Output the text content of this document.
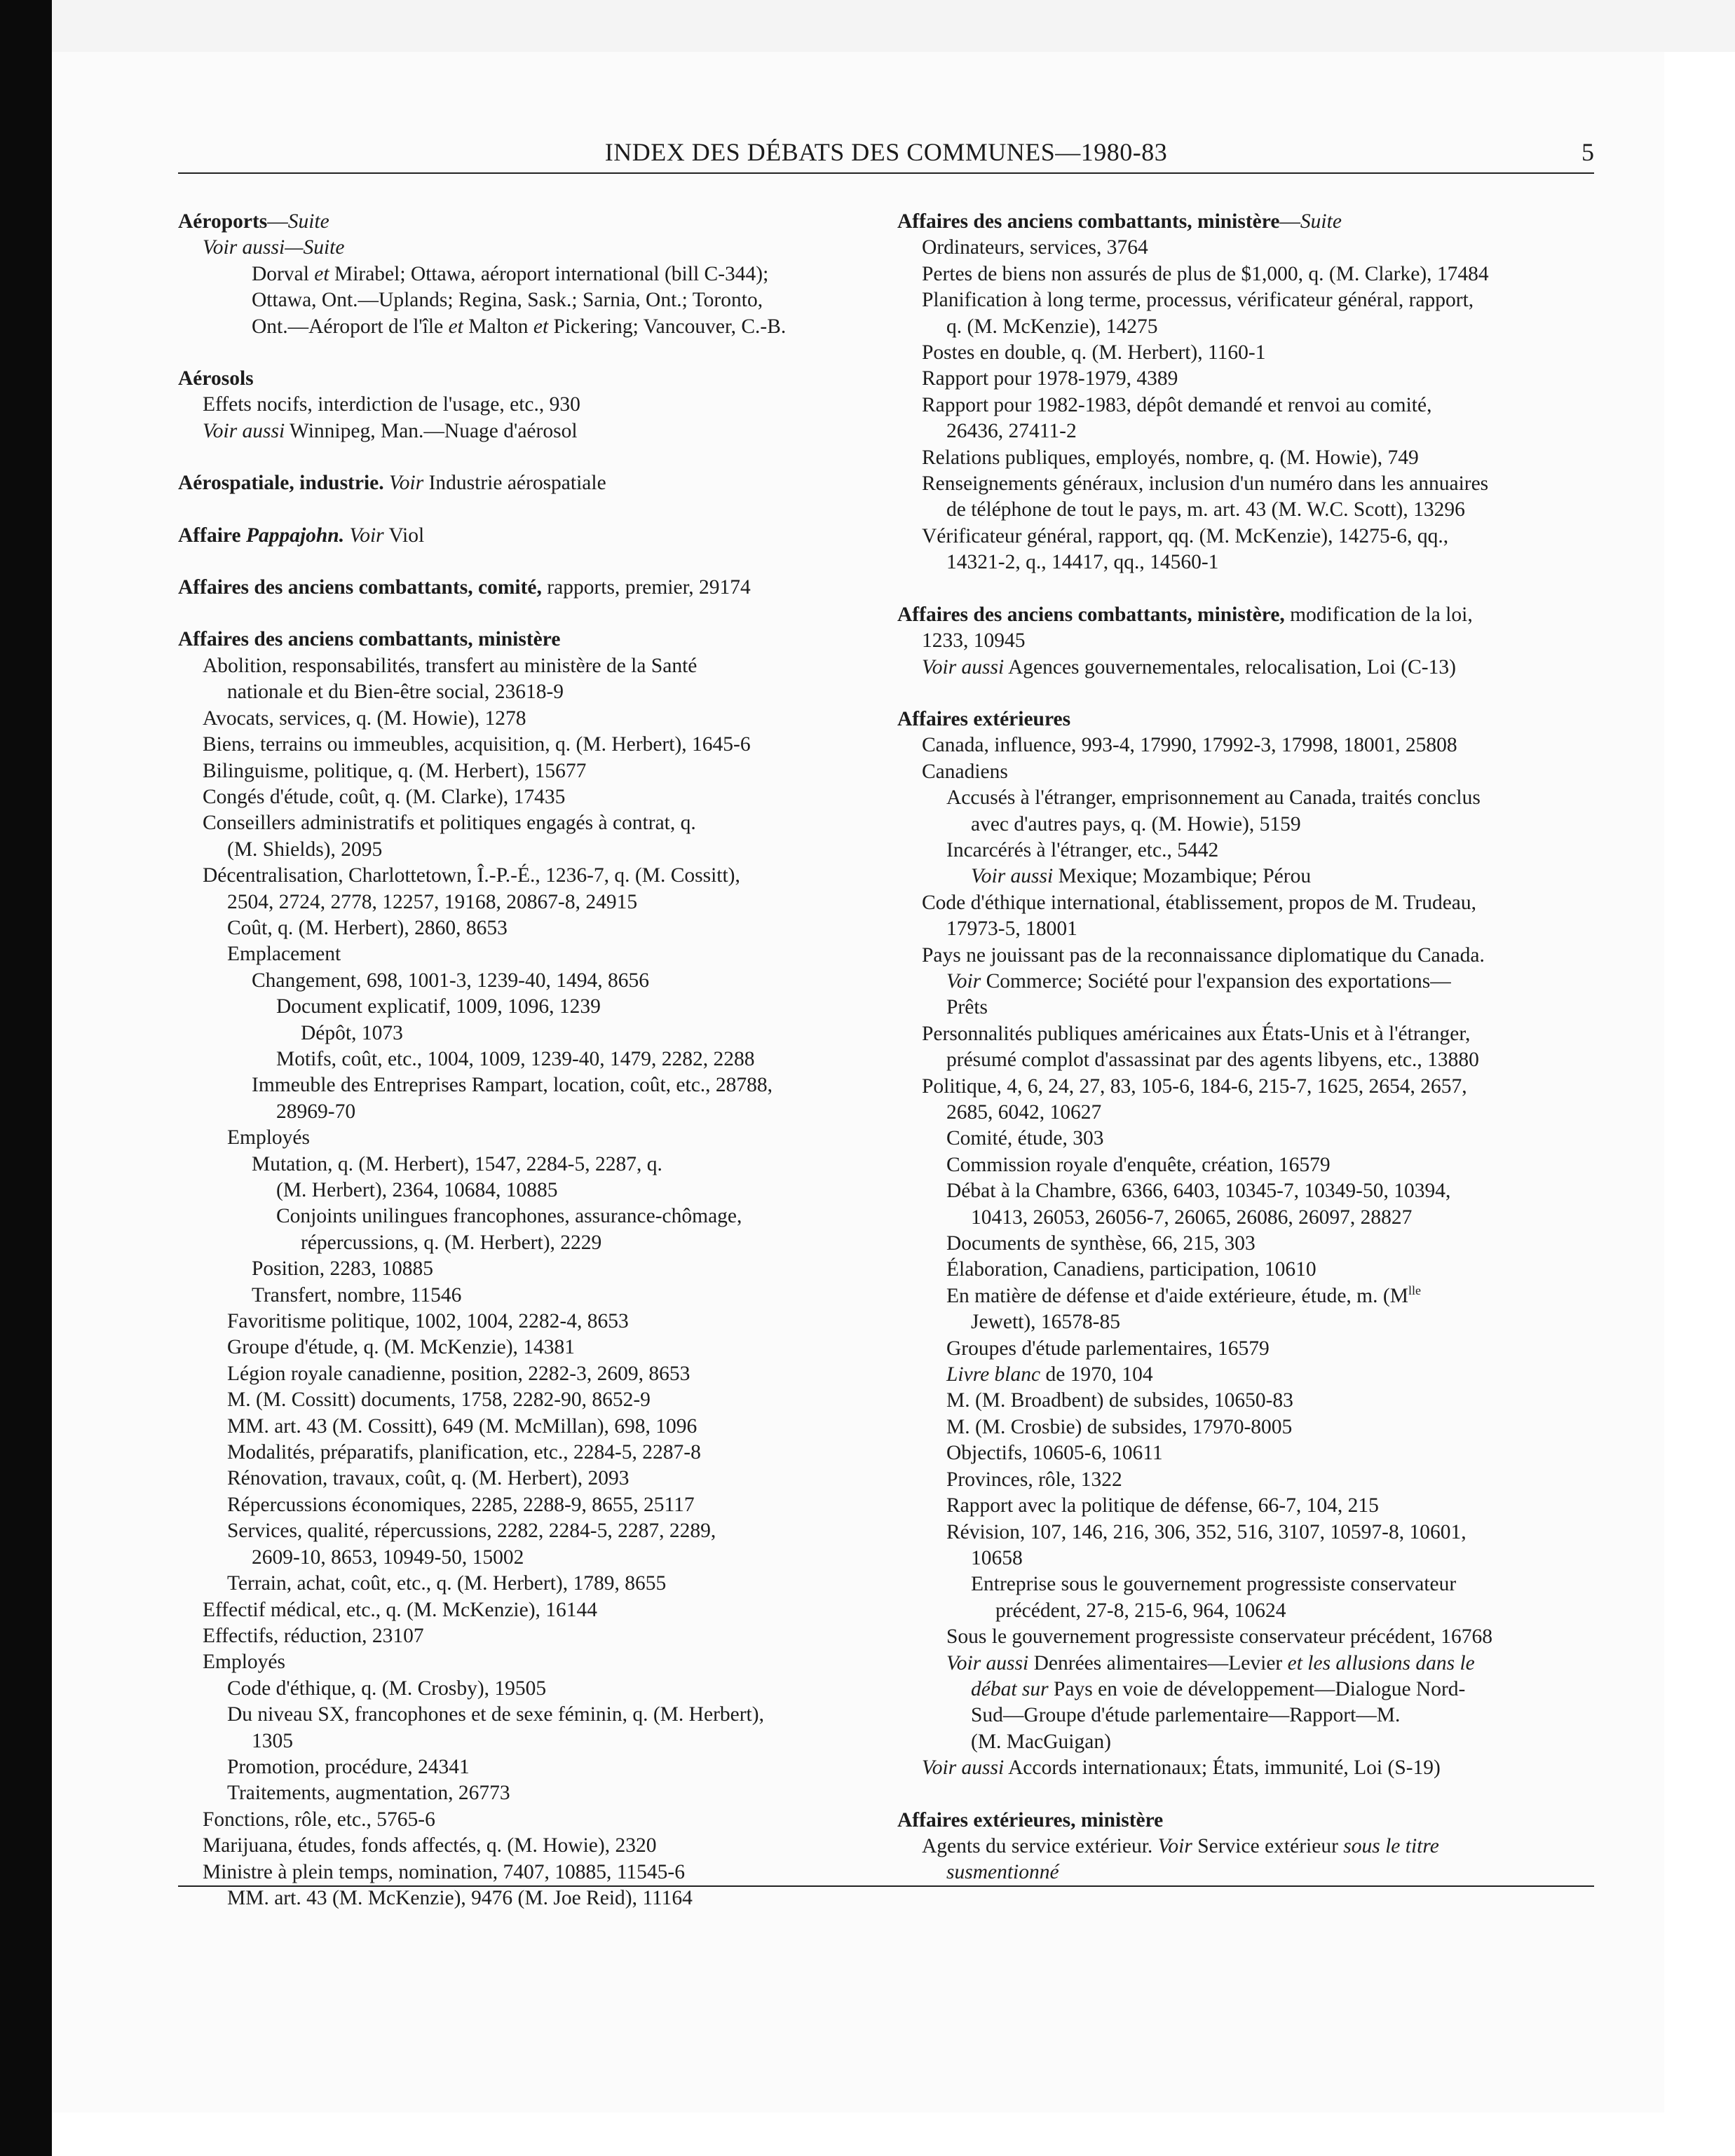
INDEX DES DÉBATS DES COMMUNES—1980-83	5
Aéroports—Suite
Voir aussi—Suite
Dorval et Mirabel; Ottawa, aéroport international (bill C-344);
Ottawa, Ont.—Uplands; Regina, Sask.; Sarnia, Ont.; Toronto,
Ont.—Aéroport de l'île et Malton et Pickering; Vancouver, C.-B.
Aérosols
Effets nocifs, interdiction de l'usage, etc., 930
Voir aussi Winnipeg, Man.—Nuage d'aérosol
Aérospatiale, industrie. Voir Industrie aérospatiale
Affaire Pappajohn. Voir Viol
Affaires des anciens combattants, comité, rapports, premier, 29174
Affaires des anciens combattants, ministère
Abolition, responsabilités, transfert au ministère de la Santé
nationale et du Bien-être social, 23618-9
Avocats, services, q. (M. Howie), 1278
Biens, terrains ou immeubles, acquisition, q. (M. Herbert), 1645-6
Bilinguisme, politique, q. (M. Herbert), 15677
Congés d'étude, coût, q. (M. Clarke), 17435
Conseillers administratifs et politiques engagés à contrat, q.
(M. Shields), 2095
Décentralisation, Charlottetown, Î.-P.-É., 1236-7, q. (M. Cossitt),
2504, 2724, 2778, 12257, 19168, 20867-8, 24915
Coût, q. (M. Herbert), 2860, 8653
Emplacement
Changement, 698, 1001-3, 1239-40, 1494, 8656
Document explicatif, 1009, 1096, 1239
Dépôt, 1073
Motifs, coût, etc., 1004, 1009, 1239-40, 1479, 2282, 2288
Immeuble des Entreprises Rampart, location, coût, etc., 28788,
28969-70
Employés
Mutation, q. (M. Herbert), 1547, 2284-5, 2287, q.
(M. Herbert), 2364, 10684, 10885
Conjoints unilingues francophones, assurance-chômage,
répercussions, q. (M. Herbert), 2229
Position, 2283, 10885
Transfert, nombre, 11546
Favoritisme politique, 1002, 1004, 2282-4, 8653
Groupe d'étude, q. (M. McKenzie), 14381
Légion royale canadienne, position, 2282-3, 2609, 8653
M. (M. Cossitt) documents, 1758, 2282-90, 8652-9
MM. art. 43 (M. Cossitt), 649 (M. McMillan), 698, 1096
Modalités, préparatifs, planification, etc., 2284-5, 2287-8
Rénovation, travaux, coût, q. (M. Herbert), 2093
Répercussions économiques, 2285, 2288-9, 8655, 25117
Services, qualité, répercussions, 2282, 2284-5, 2287, 2289,
2609-10, 8653, 10949-50, 15002
Terrain, achat, coût, etc., q. (M. Herbert), 1789, 8655
Effectif médical, etc., q. (M. McKenzie), 16144
Effectifs, réduction, 23107
Employés
Code d'éthique, q. (M. Crosby), 19505
Du niveau SX, francophones et de sexe féminin, q. (M. Herbert),
1305
Promotion, procédure, 24341
Traitements, augmentation, 26773
Fonctions, rôle, etc., 5765-6
Marijuana, études, fonds affectés, q. (M. Howie), 2320
Ministre à plein temps, nomination, 7407, 10885, 11545-6
MM. art. 43 (M. McKenzie), 9476 (M. Joe Reid), 11164
Affaires des anciens combattants, ministère—Suite
Ordinateurs, services, 3764
Pertes de biens non assurés de plus de $1,000, q. (M. Clarke), 17484
Planification à long terme, processus, vérificateur général, rapport,
q. (M. McKenzie), 14275
Postes en double, q. (M. Herbert), 1160-1
Rapport pour 1978-1979, 4389
Rapport pour 1982-1983, dépôt demandé et renvoi au comité,
26436, 27411-2
Relations publiques, employés, nombre, q. (M. Howie), 749
Renseignements généraux, inclusion d'un numéro dans les annuaires
de téléphone de tout le pays, m. art. 43 (M. W.C. Scott), 13296
Vérificateur général, rapport, qq. (M. McKenzie), 14275-6, qq.,
14321-2, q., 14417, qq., 14560-1
Affaires des anciens combattants, ministère, modification de la loi,
1233, 10945
Voir aussi Agences gouvernementales, relocalisation, Loi (C-13)
Affaires extérieures
Canada, influence, 993-4, 17990, 17992-3, 17998, 18001, 25808
Canadiens
Accusés à l'étranger, emprisonnement au Canada, traités conclus
avec d'autres pays, q. (M. Howie), 5159
Incarcérés à l'étranger, etc., 5442
Voir aussi Mexique; Mozambique; Pérou
Code d'éthique international, établissement, propos de M. Trudeau,
17973-5, 18001
Pays ne jouissant pas de la reconnaissance diplomatique du Canada.
Voir Commerce; Société pour l'expansion des exportations—
Prêts
Personnalités publiques américaines aux États-Unis et à l'étranger,
présumé complot d'assassinat par des agents libyens, etc., 13880
Politique, 4, 6, 24, 27, 83, 105-6, 184-6, 215-7, 1625, 2654, 2657,
2685, 6042, 10627
Comité, étude, 303
Commission royale d'enquête, création, 16579
Débat à la Chambre, 6366, 6403, 10345-7, 10349-50, 10394,
10413, 26053, 26056-7, 26065, 26086, 26097, 28827
Documents de synthèse, 66, 215, 303
Élaboration, Canadiens, participation, 10610
En matière de défense et d'aide extérieure, étude, m. ($M^{lle}$
Jewett), 16578-85
Groupes d'étude parlementaires, 16579
Livre blanc de 1970, 104
M. (M. Broadbent) de subsides, 10650-83
M. (M. Crosbie) de subsides, 17970-8005
Objectifs, 10605-6, 10611
Provinces, rôle, 1322
Rapport avec la politique de défense, 66-7, 104, 215
Révision, 107, 146, 216, 306, 352, 516, 3107, 10597-8, 10601,
10658
Entreprise sous le gouvernement progressiste conservateur
précédent, 27-8, 215-6, 964, 10624
Sous le gouvernement progressiste conservateur précédent, 16768
Voir aussi Denrées alimentaires—Levier et les allusions dans le
débat sur Pays en voie de développement—Dialogue Nord-
Sud—Groupe d'étude parlementaire—Rapport—M.
(M. MacGuigan)
Voir aussi Accords internationaux; États, immunité, Loi (S-19)
Affaires extérieures, ministère
Agents du service extérieur. Voir Service extérieur sous le titre
susmentionné
